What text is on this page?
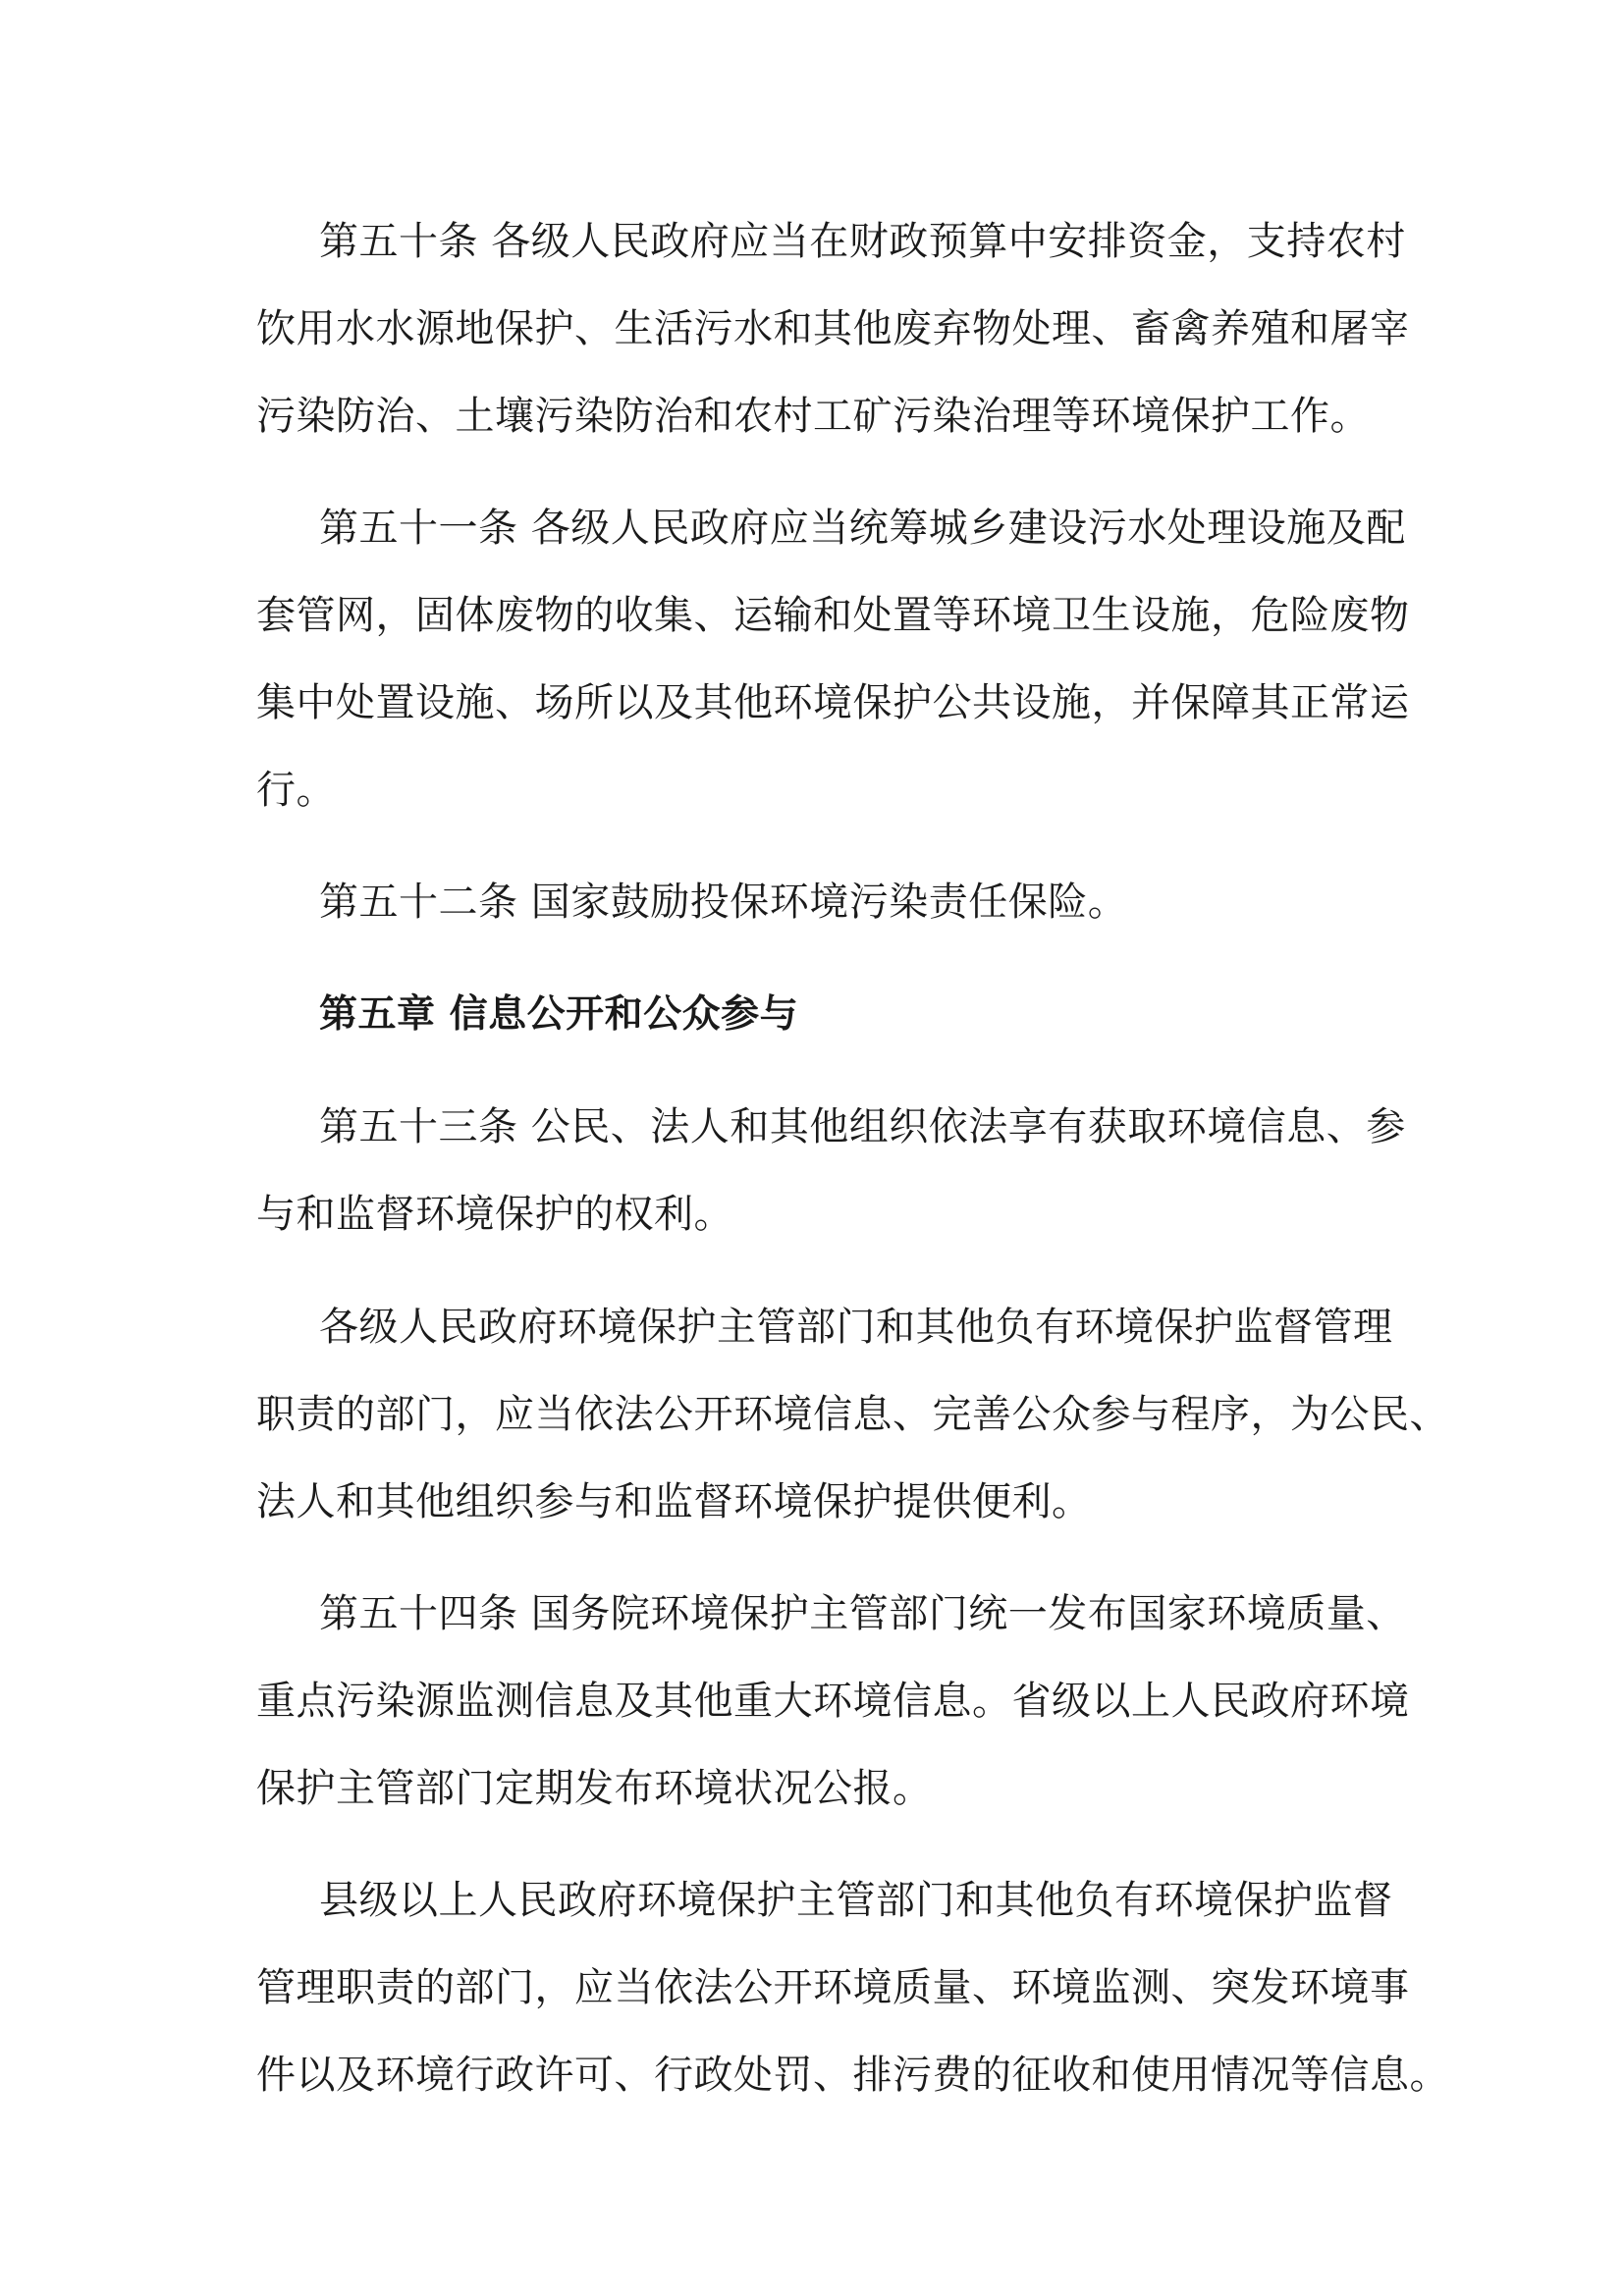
第五十条 各级人民政府应当在财政预算中安排资金，支持农村
饮用水水源地保护、生活污水和其他废弃物处理、畜禽养殖和屠宰
污染防治、土壤污染防治和农村工矿污染治理等环境保护工作。
第五十一条 各级人民政府应当统筹城乡建设污水处理设施及配
套管网，固体废物的收集、运输和处置等环境卫生设施，危险废物
集中处置设施、场所以及其他环境保护公共设施，并保障其正常运
行。
第五十二条 国家鼓励投保环境污染责任保险。
第五章 信息公开和公众参与
第五十三条 公民、法人和其他组织依法享有获取环境信息、参
与和监督环境保护的权利。
各级人民政府环境保护主管部门和其他负有环境保护监督管理
职责的部门，应当依法公开环境信息、完善公众参与程序，为公民、
法人和其他组织参与和监督环境保护提供便利。
第五十四条 国务院环境保护主管部门统一发布国家环境质量、
重点污染源监测信息及其他重大环境信息。省级以上人民政府环境
保护主管部门定期发布环境状况公报。
县级以上人民政府环境保护主管部门和其他负有环境保护监督
管理职责的部门，应当依法公开环境质量、环境监测、突发环境事
件以及环境行政许可、行政处罚、排污费的征收和使用情况等信息。
